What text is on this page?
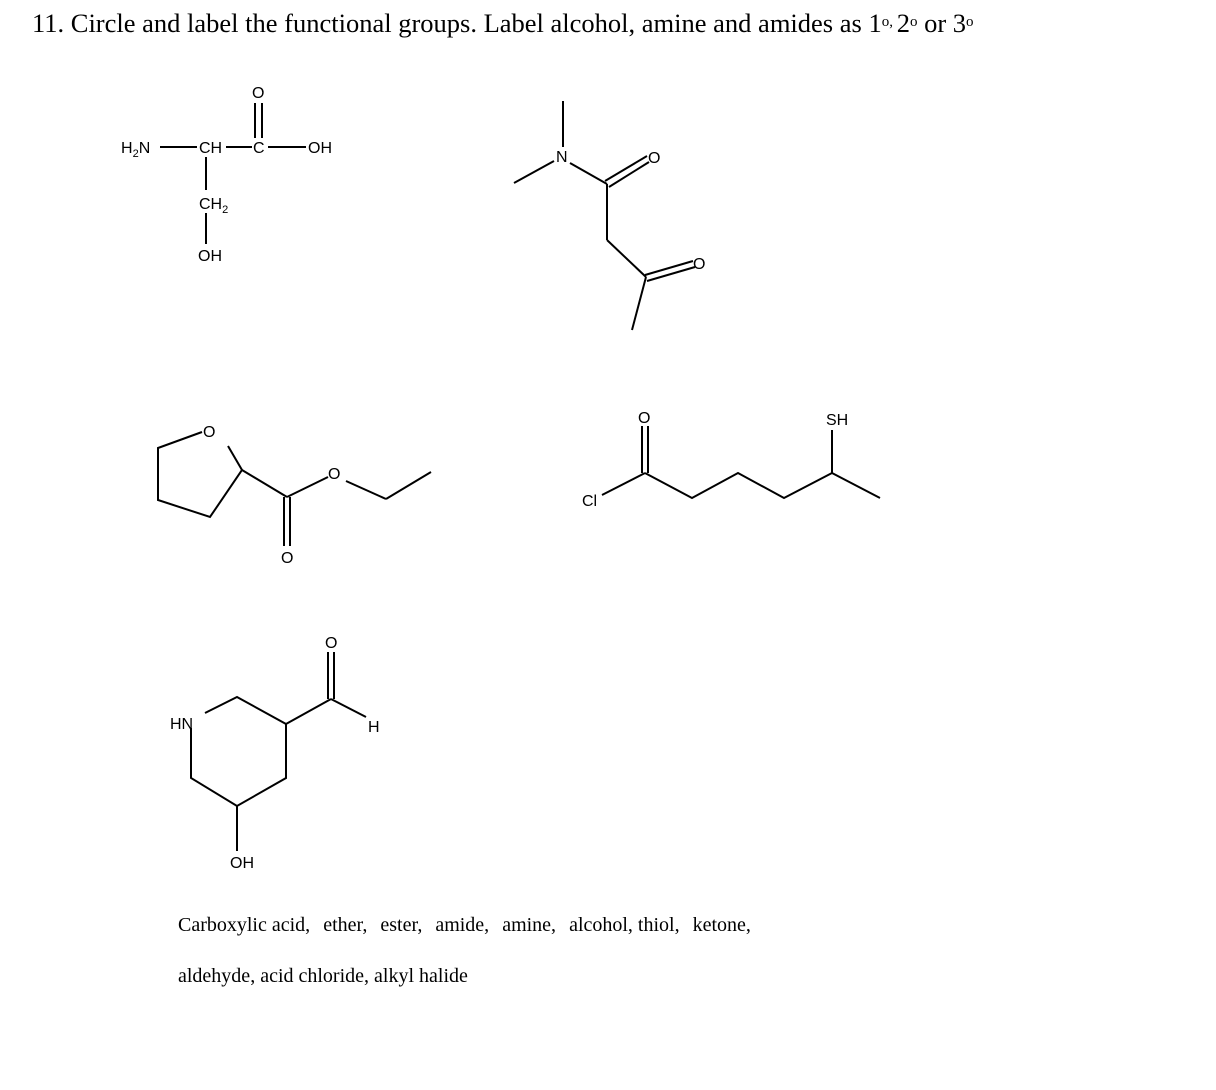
11. Circle and label the functional groups. Label alcohol, amine and amides as $1^{o,}$ 2$^o$ or 3$^o$
$H_2N$	CH C	OH
O
$CH_2$
OH
N	O
O
O
O
O
O
Cl
SH
HN
O
H
OH

Carboxylic acid, ether, ester, amide, amine, alcohol, thiol, ketone,

aldehyde, acid chloride, alkyl halide
